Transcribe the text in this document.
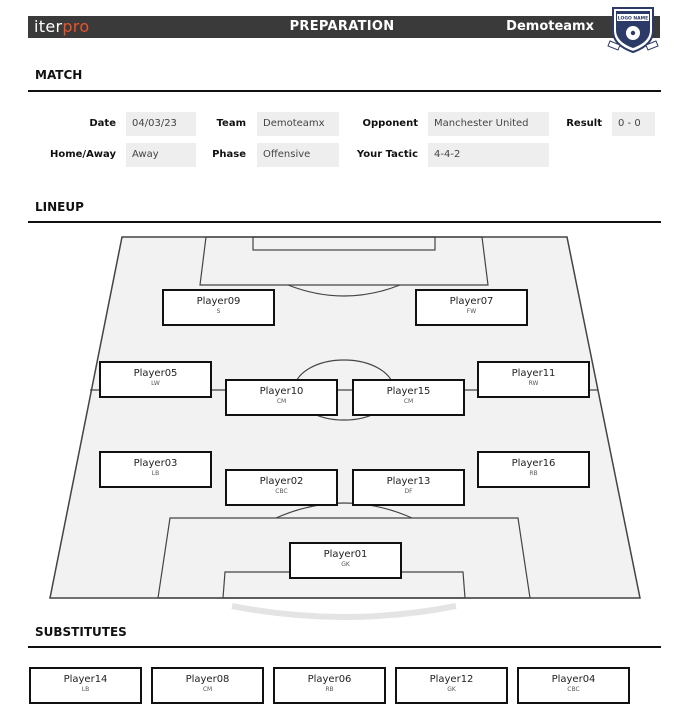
iterpro	PREPARATION	Demoteamx	LOGO NAME
MATCH
Date	04/03/23	Team	Demoteamx	Opponent	Manchester United	Result	0 - 0
Home/Away	Away	Phase	Offensive	Your Tactic	4-4-2
LINEUP
Player09
S
Player07
FW
Player05
LW
Player11
RW
Player10
CM
Player15
CM
Player03
LB
Player16
RB
Player02
CBC
Player13
DF
Player01
GK
SUBSTITUTES
Player14
LB
Player08
CM
Player06
RB
Player12
GK
Player04
CBC
